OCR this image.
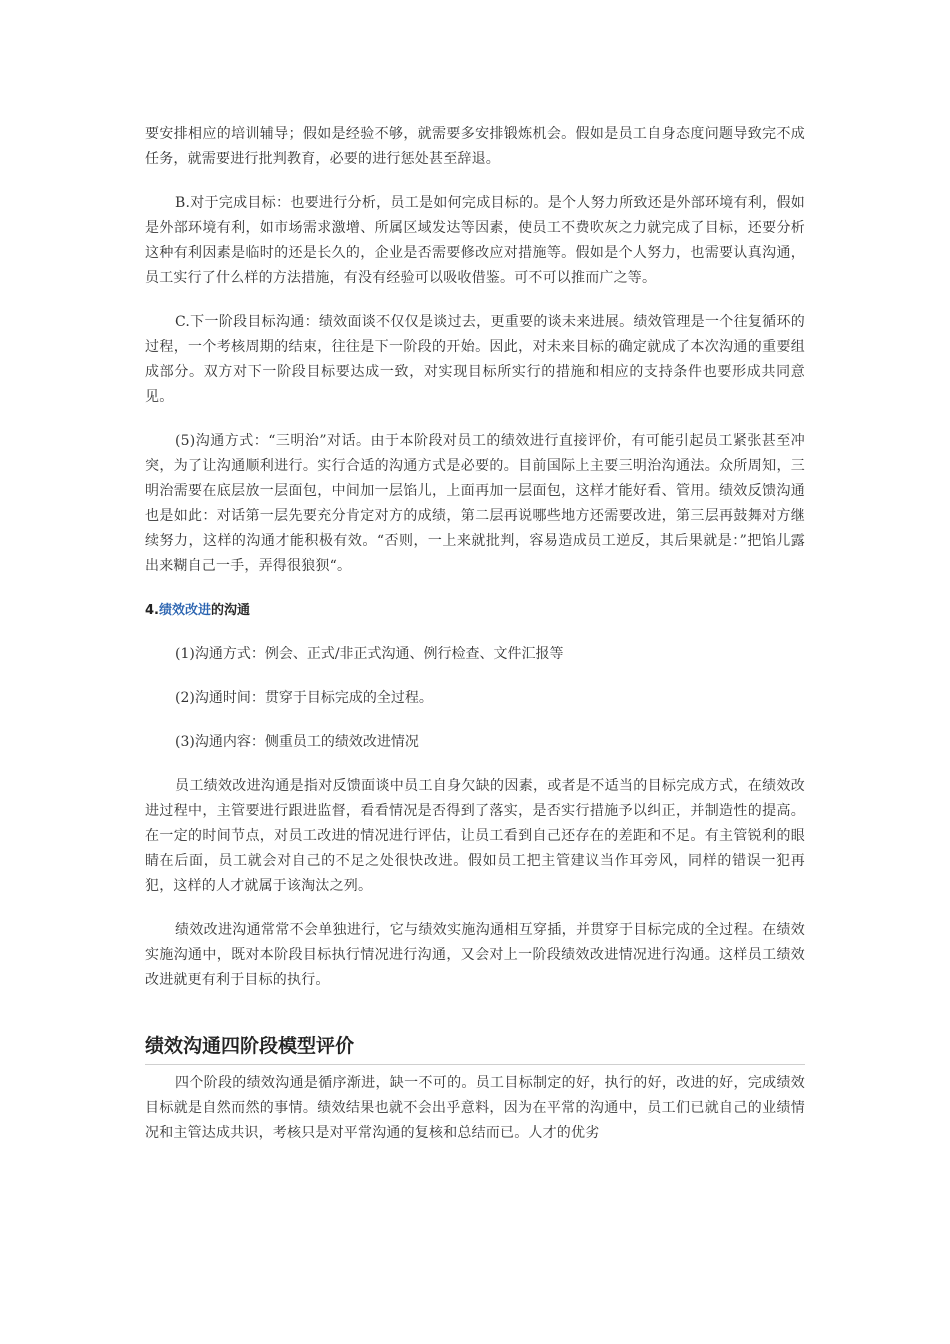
要安排相应的培训辅导；假如是经验不够，就需要多安排锻炼机会。假如是员工自身态度问题导致完不成任务，就需要进行批判教育，必要的进行惩处甚至辞退。

B.对于完成目标：也要进行分析，员工是如何完成目标的。是个人努力所致还是外部环境有利，假如是外部环境有利，如市场需求激增、所属区域发达等因素，使员工不费吹灰之力就完成了目标，还要分析这种有利因素是临时的还是长久的，企业是否需要修改应对措施等。假如是个人努力，也需要认真沟通，员工实行了什么样的方法措施，有没有经验可以吸收借鉴。可不可以推而广之等。

C.下一阶段目标沟通：绩效面谈不仅仅是谈过去，更重要的谈未来进展。绩效管理是一个往复循环的过程，一个考核周期的结束，往往是下一阶段的开始。因此，对未来目标的确定就成了本次沟通的重要组成部分。双方对下一阶段目标要达成一致，对实现目标所实行的措施和相应的支持条件也要形成共同意见。

(5)沟通方式：“三明治”对话。由于本阶段对员工的绩效进行直接评价，有可能引起员工紧张甚至冲突，为了让沟通顺利进行。实行合适的沟通方式是必要的。目前国际上主要三明治沟通法。众所周知，三明治需要在底层放一层面包，中间加一层馅儿，上面再加一层面包，这样才能好看、管用。绩效反馈沟通也是如此：对话第一层先要充分肯定对方的成绩，第二层再说哪些地方还需要改进，第三层再鼓舞对方继续努力，这样的沟通才能积极有效。“否则，一上来就批判，容易造成员工逆反，其后果就是：”把馅儿露出来糊自己一手，弄得很狼狈“。

4.绩效改进的沟通

(1)沟通方式：例会、正式/非正式沟通、例行检查、文件汇报等

(2)沟通时间：贯穿于目标完成的全过程。

(3)沟通内容：侧重员工的绩效改进情况

员工绩效改进沟通是指对反馈面谈中员工自身欠缺的因素，或者是不适当的目标完成方式，在绩效改进过程中，主管要进行跟进监督，看看情况是否得到了落实，是否实行措施予以纠正，并制造性的提高。在一定的时间节点，对员工改进的情况进行评估，让员工看到自己还存在的差距和不足。有主管锐利的眼睛在后面，员工就会对自己的不足之处很快改进。假如员工把主管建议当作耳旁风，同样的错误一犯再犯，这样的人才就属于该淘汰之列。

绩效改进沟通常常不会单独进行，它与绩效实施沟通相互穿插，并贯穿于目标完成的全过程。在绩效实施沟通中，既对本阶段目标执行情况进行沟通，又会对上一阶段绩效改进情况进行沟通。这样员工绩效改进就更有利于目标的执行。

绩效沟通四阶段模型评价

四个阶段的绩效沟通是循序渐进，缺一不可的。员工目标制定的好，执行的好，改进的好，完成绩效目标就是自然而然的事情。绩效结果也就不会出乎意料，因为在平常的沟通中，员工们已就自己的业绩情况和主管达成共识，考核只是对平常沟通的复核和总结而已。人才的优劣
